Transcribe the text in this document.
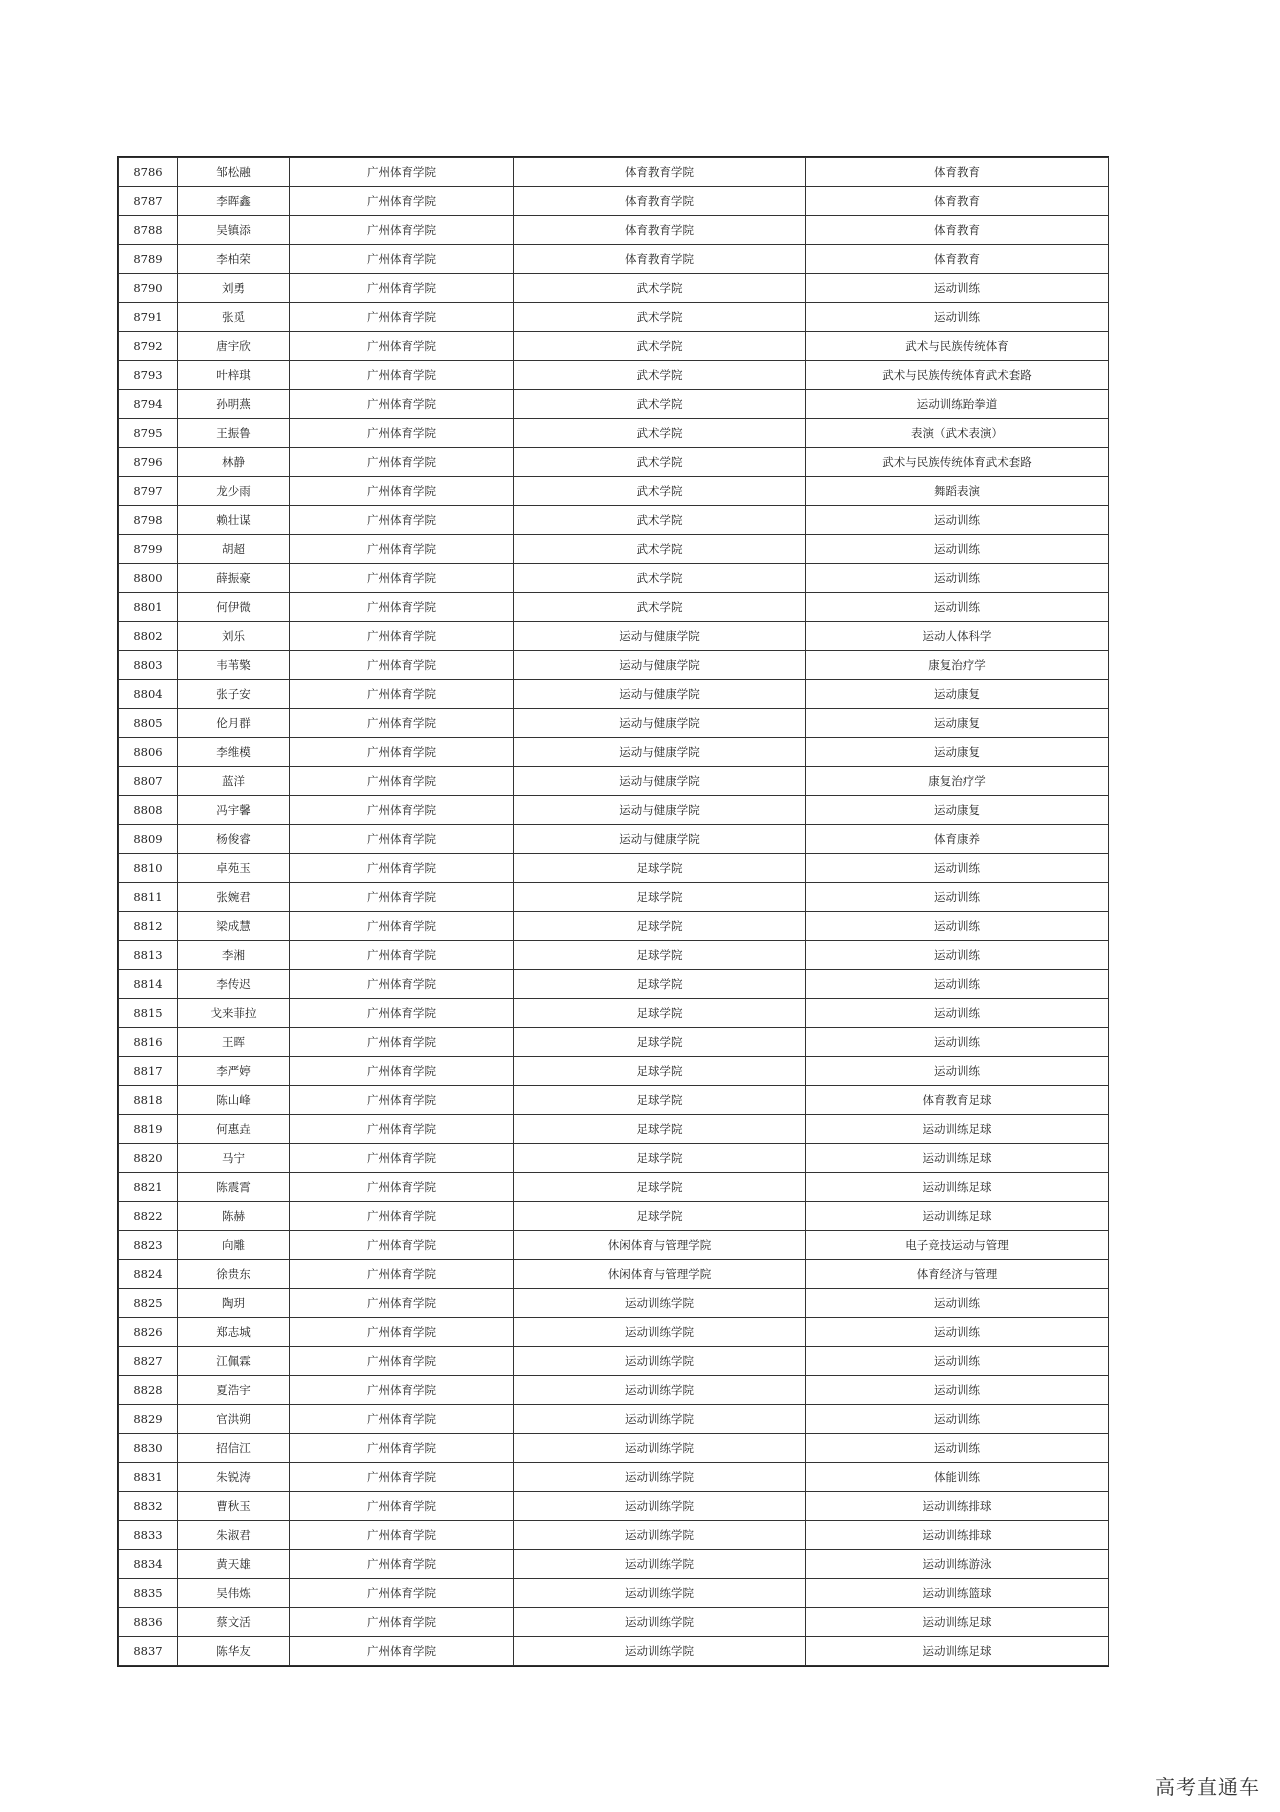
8786	邹松融	广州体育学院	体育教育学院	体育教育
8787	李晖鑫	广州体育学院	体育教育学院	体育教育
8788	吴镇添	广州体育学院	体育教育学院	体育教育
8789	李柏荣	广州体育学院	体育教育学院	体育教育
8790	刘勇	广州体育学院	武术学院	运动训练
8791	张觅	广州体育学院	武术学院	运动训练
8792	唐宇欣	广州体育学院	武术学院	武术与民族传统体育
8793	叶梓琪	广州体育学院	武术学院	武术与民族传统体育武术套路
8794	孙明燕	广州体育学院	武术学院	运动训练跆拳道
8795	王振鲁	广州体育学院	武术学院	表演（武术表演）
8796	林静	广州体育学院	武术学院	武术与民族传统体育武术套路
8797	龙少雨	广州体育学院	武术学院	舞蹈表演
8798	赖壮谋	广州体育学院	武术学院	运动训练
8799	胡超	广州体育学院	武术学院	运动训练
8800	薛振豪	广州体育学院	武术学院	运动训练
8801	何伊微	广州体育学院	武术学院	运动训练
8802	刘乐	广州体育学院	运动与健康学院	运动人体科学
8803	韦苇檠	广州体育学院	运动与健康学院	康复治疗学
8804	张子安	广州体育学院	运动与健康学院	运动康复
8805	伦月群	广州体育学院	运动与健康学院	运动康复
8806	李维模	广州体育学院	运动与健康学院	运动康复
8807	蓝洋	广州体育学院	运动与健康学院	康复治疗学
8808	冯宇馨	广州体育学院	运动与健康学院	运动康复
8809	杨俊睿	广州体育学院	运动与健康学院	体育康养
8810	卓苑玉	广州体育学院	足球学院	运动训练
8811	张婉君	广州体育学院	足球学院	运动训练
8812	梁成慧	广州体育学院	足球学院	运动训练
8813	李湘	广州体育学院	足球学院	运动训练
8814	李传迟	广州体育学院	足球学院	运动训练
8815	戈来菲拉	广州体育学院	足球学院	运动训练
8816	王晖	广州体育学院	足球学院	运动训练
8817	李严婷	广州体育学院	足球学院	运动训练
8818	陈山峰	广州体育学院	足球学院	体育教育足球
8819	何惠垚	广州体育学院	足球学院	运动训练足球
8820	马宁	广州体育学院	足球学院	运动训练足球
8821	陈震霄	广州体育学院	足球学院	运动训练足球
8822	陈赫	广州体育学院	足球学院	运动训练足球
8823	向雕	广州体育学院	休闲体育与管理学院	电子竞技运动与管理
8824	徐贵东	广州体育学院	休闲体育与管理学院	体育经济与管理
8825	陶玥	广州体育学院	运动训练学院	运动训练
8826	郑志城	广州体育学院	运动训练学院	运动训练
8827	江佩霖	广州体育学院	运动训练学院	运动训练
8828	夏浩宇	广州体育学院	运动训练学院	运动训练
8829	官洪朔	广州体育学院	运动训练学院	运动训练
8830	招信江	广州体育学院	运动训练学院	运动训练
8831	朱锐涛	广州体育学院	运动训练学院	体能训练
8832	曹秋玉	广州体育学院	运动训练学院	运动训练排球
8833	朱淑君	广州体育学院	运动训练学院	运动训练排球
8834	黄天雄	广州体育学院	运动训练学院	运动训练游泳
8835	吴伟炼	广州体育学院	运动训练学院	运动训练篮球
8836	蔡文活	广州体育学院	运动训练学院	运动训练足球
8837	陈华友	广州体育学院	运动训练学院	运动训练足球
高考直通车
